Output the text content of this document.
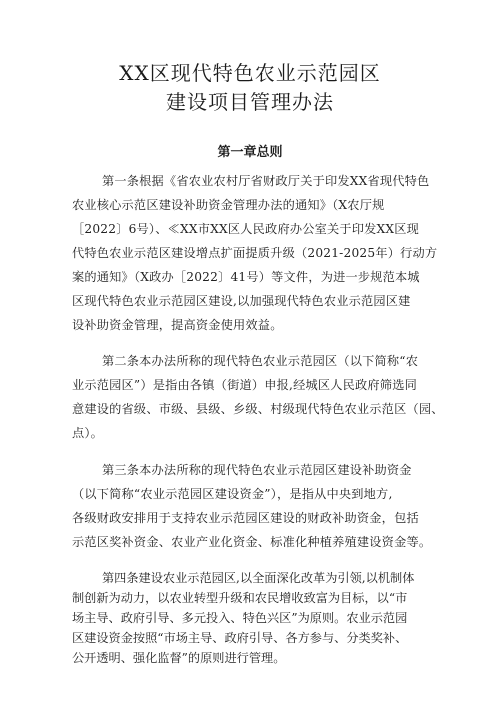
XX区现代特色农业示范园区
建设项目管理办法
第一章总则
第一条根据《省农业农村厅省财政厅关于印发XX省现代特色
农业核心示范区建设补助资金管理办法的通知》（X农厅规
［2022〕6号）、≪XX市XX区人民政府办公室关于印发XX区现
代特色农业示范区建设增点扩面提质升级（2021-2025年）行动方
案的通知》（X政办［2022〕41号）等文件，为进一步规范本城
区现代特色农业示范园区建设,以加强现代特色农业示范园区建
设补助资金管理，提高资金使用效益。
第二条本办法所称的现代特色农业示范园区（以下简称“农
业示范园区”）是指由各镇（街道）申报,经城区人民政府筛选同
意建设的省级、市级、县级、乡级、村级现代特色农业示范区（园、
点）。
第三条本办法所称的现代特色农业示范园区建设补助资金
（以下简称“农业示范园区建设资金”），是指从中央到地方,
各级财政安排用于支持农业示范园区建设的财政补助资金，包括
示范区奖补资金、农业产业化资金、标准化种植养殖建设资金等。
第四条建设农业示范园区,以全面深化改革为引领,以机制体
制创新为动力，以农业转型升级和农民增收致富为目标，以“市
场主导、政府引导、多元投入、特色兴区”为原则。农业示范园
区建设资金按照“市场主导、政府引导、各方参与、分类奖补、
公开透明、强化监督”的原则进行管理。
